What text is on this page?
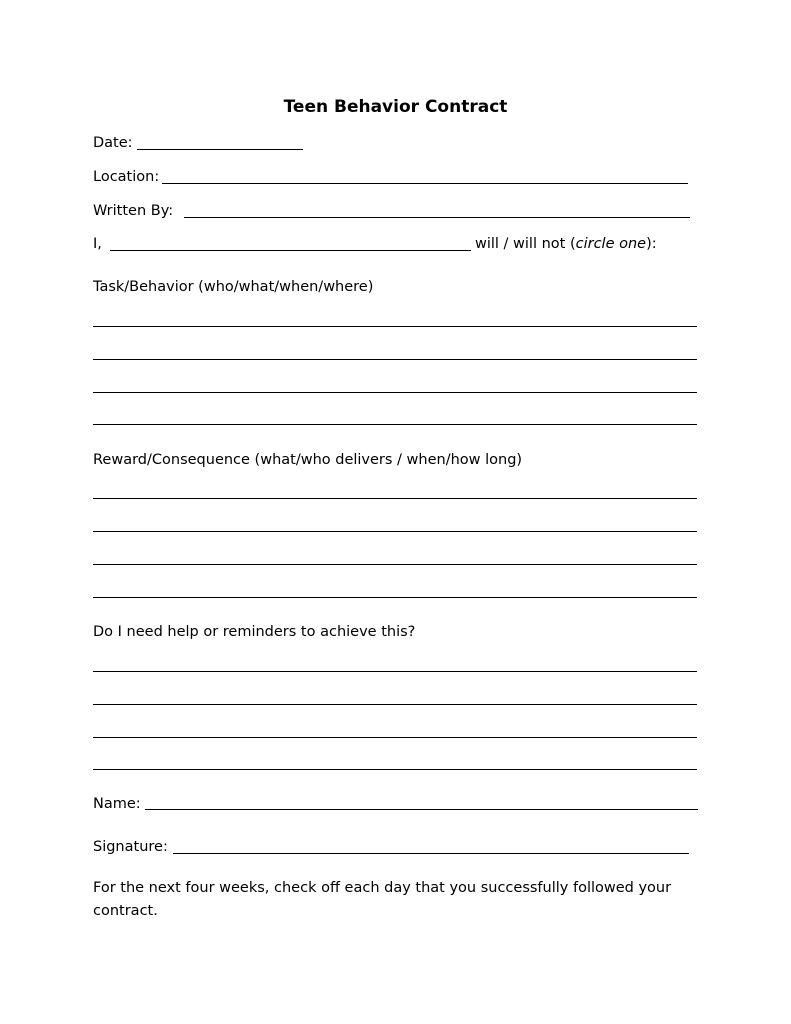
Teen Behavior Contract
Date:
Location:
Written By:
I,	will / will not (circle one):
Task/Behavior (who/what/when/where)
Reward/Consequence (what/who delivers / when/how long)
Do I need help or reminders to achieve this?
Name:
Signature:
For the next four weeks, check off each day that you successfully followed your contract.
